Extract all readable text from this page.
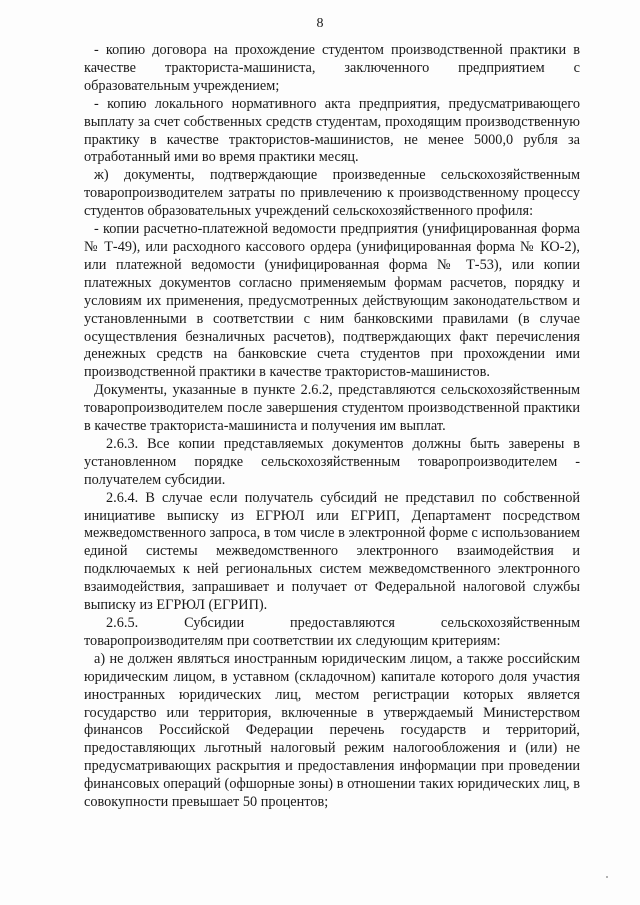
8

- копию договора на прохождение студентом производственной практики в качестве тракториста-машиниста, заключенного предприятием с образовательным учреждением;

- копию локального нормативного акта предприятия, предусматривающего выплату за счет собственных средств студентам, проходящим производственную практику в качестве трактористов-машинистов, не менее 5000,0 рубля за отработанный ими во время практики месяц.

ж) документы, подтверждающие произведенные сельскохозяйственным товаропроизводителем затраты по привлечению к производственному процессу студентов образовательных учреждений сельскохозяйственного профиля:

- копии расчетно-платежной ведомости предприятия (унифицированная форма № Т-49), или расходного кассового ордера (унифицированная форма № КО-2), или платежной ведомости (унифицированная форма № Т-53), или копии платежных документов согласно применяемым формам расчетов, порядку и условиям их применения, предусмотренных действующим законодательством и установленными в соответствии с ним банковскими правилами (в случае осуществления безналичных расчетов), подтверждающих факт перечисления денежных средств на банковские счета студентов при прохождении ими производственной практики в качестве трактористов-машинистов.

Документы, указанные в пункте 2.6.2, представляются сельскохозяйственным товаропроизводителем после завершения студентом производственной практики в качестве тракториста-машиниста и получения им выплат.

2.6.3. Все копии представляемых документов должны быть заверены в установленном порядке сельскохозяйственным товаропроизводителем - получателем субсидии.

2.6.4. В случае если получатель субсидий не представил по собственной инициативе выписку из ЕГРЮЛ или ЕГРИП, Департамент посредством межведомственного запроса, в том числе в электронной форме с использованием единой системы межведомственного электронного взаимодействия и подключаемых к ней региональных систем межведомственного электронного взаимодействия, запрашивает и получает от Федеральной налоговой службы выписку из ЕГРЮЛ (ЕГРИП).

2.6.5. Субсидии предоставляются сельскохозяйственным товаропроизводителям при соответствии их следующим критериям:

а) не должен являться иностранным юридическим лицом, а также российским юридическим лицом, в уставном (складочном) капитале которого доля участия иностранных юридических лиц, местом регистрации которых является государство или территория, включенные в утверждаемый Министерством финансов Российской Федерации перечень государств и территорий, предоставляющих льготный налоговый режим налогообложения и (или) не предусматривающих раскрытия и предоставления информации при проведении финансовых операций (офшорные зоны) в отношении таких юридических лиц, в совокупности превышает 50 процентов;
